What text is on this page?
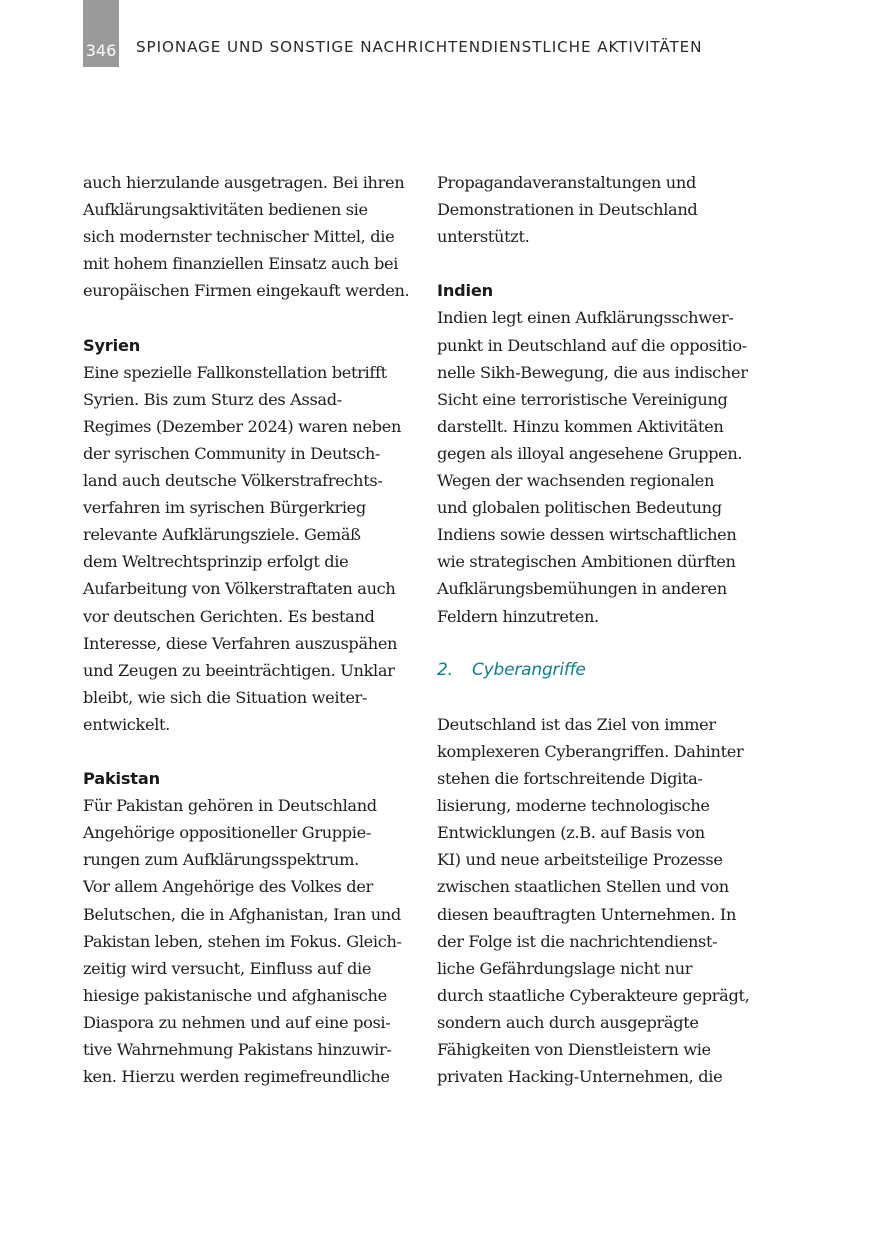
346 SPIONAGE UND SONSTIGE NACHRICHTENDIENSTLICHE AKTIVITÄTEN
auch hierzulande ausgetragen. Bei ihren
Aufklärungsaktivitäten bedienen sie
sich modernster technischer Mittel, die
mit hohem finanziellen Einsatz auch bei
europäischen Firmen eingekauft werden.
Syrien
Eine spezielle Fallkonstellation betrifft
Syrien. Bis zum Sturz des Assad-
Regimes (Dezember 2024) waren neben
der syrischen Community in Deutsch-
land auch deutsche Völkerstrafrechts-
verfahren im syrischen Bürgerkrieg
relevante Aufklärungsziele. Gemäß
dem Weltrechtsprinzip erfolgt die
Aufarbeitung von Völkerstraftaten auch
vor deutschen Gerichten. Es bestand
Interesse, diese Verfahren auszuspähen
und Zeugen zu beeinträchtigen. Unklar
bleibt, wie sich die Situation weiter-
entwickelt.
Pakistan
Für Pakistan gehören in Deutschland
Angehörige oppositioneller Gruppie-
rungen zum Aufklärungsspektrum.
Vor allem Angehörige des Volkes der
Belutschen, die in Afghanistan, Iran und
Pakistan leben, stehen im Fokus. Gleich-
zeitig wird versucht, Einfluss auf die
hiesige pakistanische und afghanische
Diaspora zu nehmen und auf eine posi-
tive Wahrnehmung Pakistans hinzuwir-
ken. Hierzu werden regimefreundliche
Propagandaveranstaltungen und
Demonstrationen in Deutschland
unterstützt.
Indien
Indien legt einen Aufklärungsschwer-
punkt in Deutschland auf die oppositio-
nelle Sikh-Bewegung, die aus indischer
Sicht eine terroristische Vereinigung
darstellt. Hinzu kommen Aktivitäten
gegen als illoyal angesehene Gruppen.
Wegen der wachsenden regionalen
und globalen politischen Bedeutung
Indiens sowie dessen wirtschaftlichen
wie strategischen Ambitionen dürften
Aufklärungsbemühungen in anderen
Feldern hinzutreten.
2. Cyberangriffe
Deutschland ist das Ziel von immer
komplexeren Cyberangriffen. Dahinter
stehen die fortschreitende Digita-
lisierung, moderne technologische
Entwicklungen (z.B. auf Basis von
KI) und neue arbeitsteilige Prozesse
zwischen staatlichen Stellen und von
diesen beauftragten Unternehmen. In
der Folge ist die nachrichtendienst-
liche Gefährdungslage nicht nur
durch staatliche Cyberakteure geprägt,
sondern auch durch ausgeprägte
Fähigkeiten von Dienstleistern wie
privaten Hacking-Unternehmen, die
